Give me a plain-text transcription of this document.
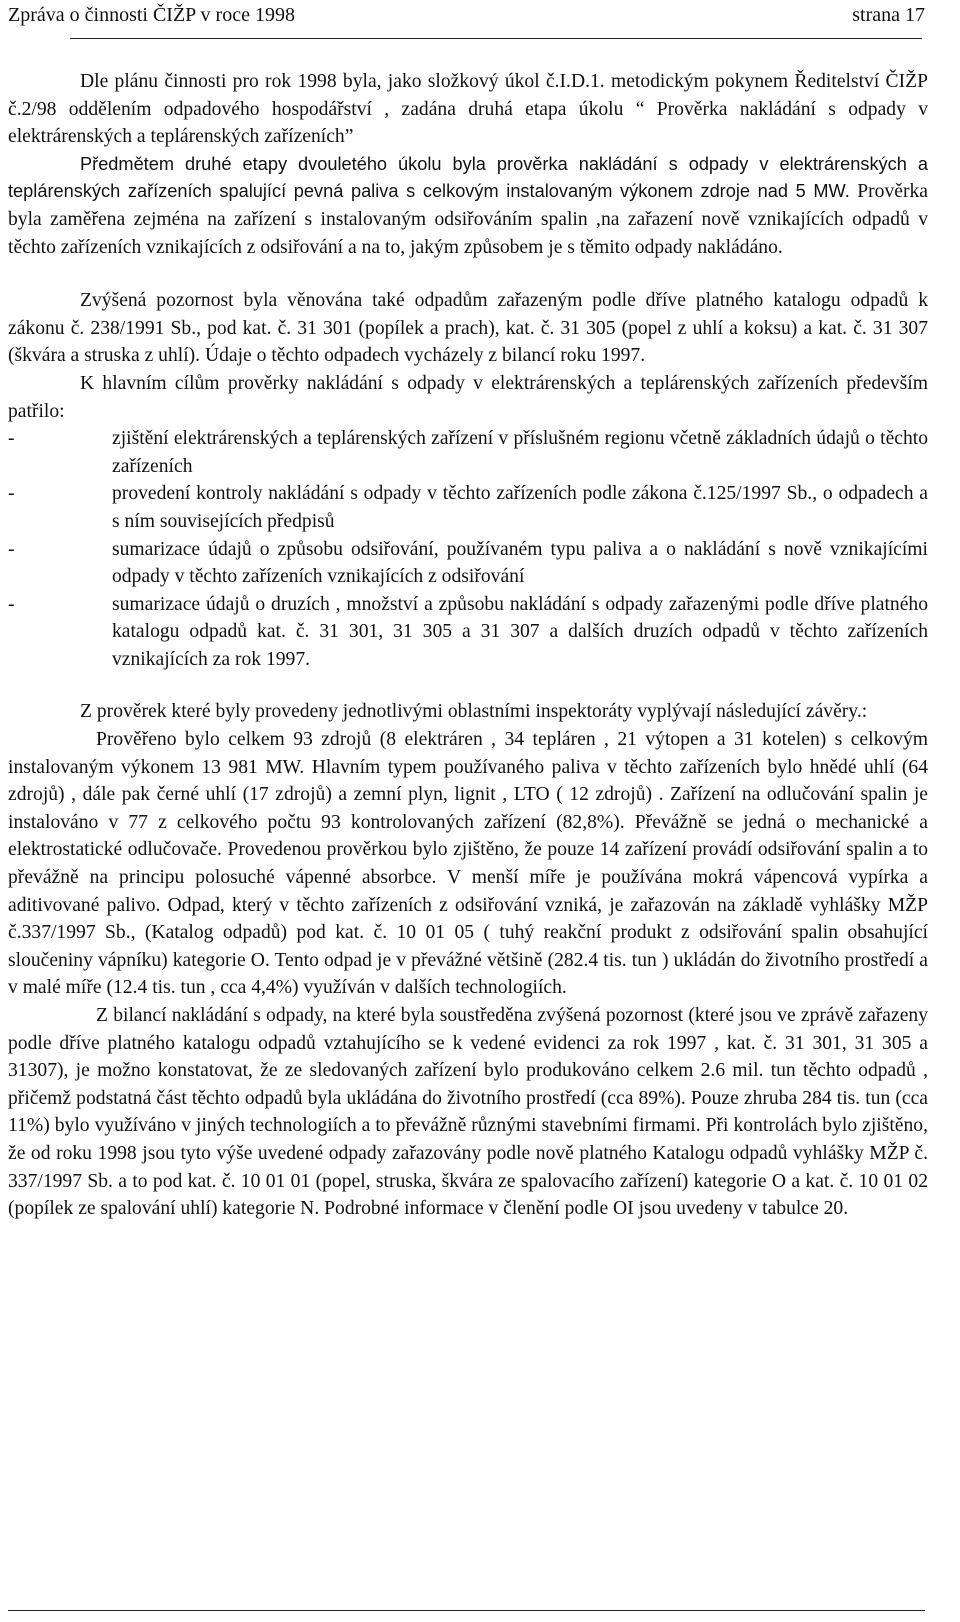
Zpráva o činnosti ČIŽP v roce 1998	strana 17

Dle plánu činnosti pro rok 1998 byla, jako složkový úkol č.I.D.1. metodickým pokynem Ředitelství ČIŽP č.2/98 oddělením odpadového hospodářství , zadána druhá etapa úkolu “ Prověrka nakládání s odpady v elektrárenských a teplárenských zařízeních”

Předmětem druhé etapy dvouletého úkolu byla prověrka nakládání s odpady v elektrárenských a teplárenských zařízeních spalující pevná paliva s celkovým instalovaným výkonem zdroje nad 5 MW. Prověrka byla zaměřena zejména na zařízení s instalovaným odsiřováním spalin ,na zařazení nově vznikajících odpadů v těchto zařízeních vznikajících z odsiřování a na to, jakým způsobem je s těmito odpady nakládáno.

Zvýšená pozornost byla věnována také odpadům zařazeným podle dříve platného katalogu odpadů k zákonu č. 238/1991 Sb., pod kat. č. 31 301 (popílek a prach), kat. č. 31 305 (popel z uhlí a koksu) a kat. č. 31 307 (škvára a struska z uhlí). Údaje o těchto odpadech vycházely z bilancí roku 1997.

K hlavním cílům prověrky nakládání s odpady v elektrárenských a teplárenských zařízeních především patřilo:

-	zjištění elektrárenských a teplárenských zařízení v příslušném regionu včetně základních údajů o těchto zařízeních
-	provedení kontroly nakládání s odpady v těchto zařízeních podle zákona č.125/1997 Sb., o odpadech a s ním souvisejících předpisů
-	sumarizace údajů o způsobu odsiřování, používaném typu paliva a o nakládání s nově vznikajícími odpady v těchto zařízeních vznikajících z odsiřování
-	sumarizace údajů o druzích , množství a způsobu nakládání s odpady zařazenými podle dříve platného katalogu odpadů kat. č. 31 301, 31 305 a 31 307 a dalších druzích odpadů v těchto zařízeních vznikajících za rok 1997.

Z prověrek které byly provedeny jednotlivými oblastními inspektoráty vyplývají následující závěry.:

Prověřeno bylo celkem 93 zdrojů (8 elektráren , 34 tepláren , 21 výtopen a 31 kotelen) s celkovým instalovaným výkonem 13 981 MW. Hlavním typem používaného paliva v těchto zařízeních bylo hnědé uhlí (64 zdrojů) , dále pak černé uhlí (17 zdrojů) a zemní plyn, lignit , LTO ( 12 zdrojů) . Zařízení na odlučování spalin je instalováno v 77 z celkového počtu 93 kontrolovaných zařízení (82,8%). Převážně se jedná o mechanické a elektrostatické odlučovače. Provedenou prověrkou bylo zjištěno, že pouze 14 zařízení provádí odsiřování spalin a to převážně na principu polosuché vápenné absorbce. V menší míře je používána mokrá vápencová vypírka a aditivované palivo. Odpad, který v těchto zařízeních z odsiřování vzniká, je zařazován na základě vyhlášky MŽP č.337/1997 Sb., (Katalog odpadů) pod kat. č. 10 01 05 ( tuhý reakční produkt z odsiřování spalin obsahující sloučeniny vápníku) kategorie O. Tento odpad je v převážné většině (282.4 tis. tun ) ukládán do životního prostředí a v malé míře (12.4 tis. tun , cca 4,4%) využíván v dalších technologiích.

Z bilancí nakládání s odpady, na které byla soustředěna zvýšená pozornost (které jsou ve zprávě zařazeny podle dříve platného katalogu odpadů vztahujícího se k vedené evidenci za rok 1997 , kat. č. 31 301, 31 305 a 31307), je možno konstatovat, že ze sledovaných zařízení bylo produkováno celkem 2.6 mil. tun těchto odpadů , přičemž podstatná část těchto odpadů byla ukládána do životního prostředí (cca 89%). Pouze zhruba 284 tis. tun (cca 11%) bylo využíváno v jiných technologiích a to převážně různými stavebními firmami. Při kontrolách bylo zjištěno, že od roku 1998 jsou tyto výše uvedené odpady zařazovány podle nově platného Katalogu odpadů vyhlášky MŽP č. 337/1997 Sb. a to pod kat. č. 10 01 01 (popel, struska, škvára ze spalovacího zařízení) kategorie O a kat. č. 10 01 02 (popílek ze spalování uhlí) kategorie N. Podrobné informace v členění podle OI jsou uvedeny v tabulce 20.
